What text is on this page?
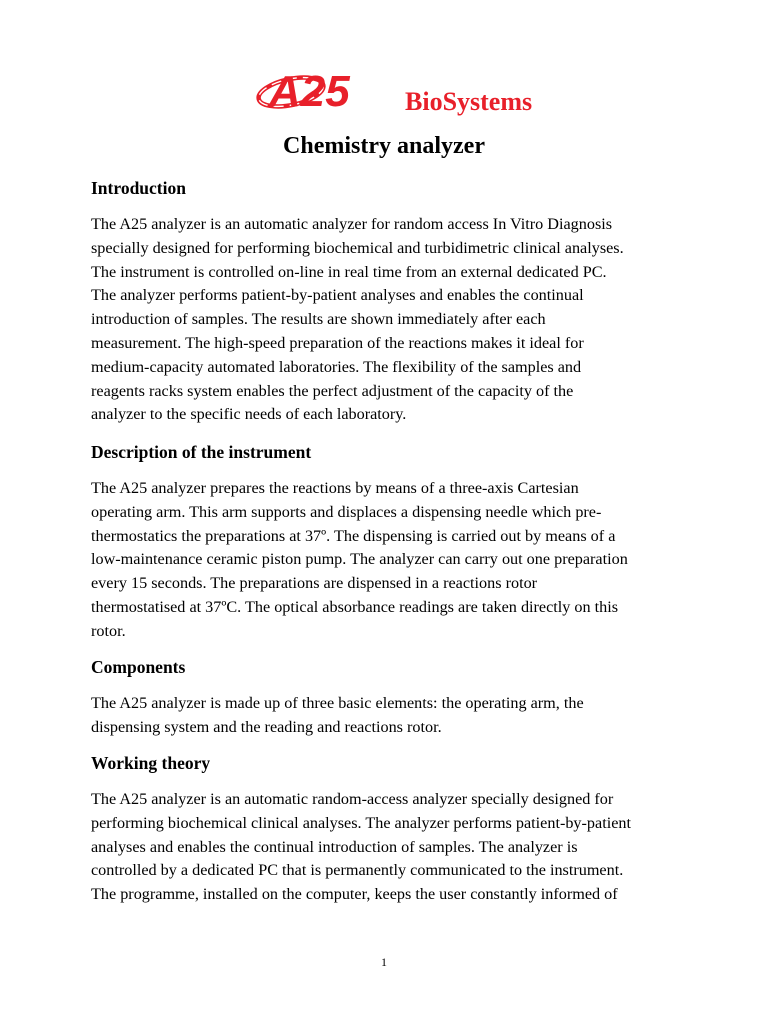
A25 BioSystems
Chemistry analyzer
Introduction

The A25 analyzer is an automatic analyzer for random access In Vitro Diagnosis
specially designed for performing biochemical and turbidimetric clinical analyses.
The instrument is controlled on-line in real time from an external dedicated PC.
The analyzer performs patient-by-patient analyses and enables the continual
introduction of samples. The results are shown immediately after each
measurement. The high-speed preparation of the reactions makes it ideal for
medium-capacity automated laboratories. The flexibility of the samples and
reagents racks system enables the perfect adjustment of the capacity of the
analyzer to the specific needs of each laboratory.

Description of the instrument

The A25 analyzer prepares the reactions by means of a three-axis Cartesian
operating arm. This arm supports and displaces a dispensing needle which pre-
thermostatics the preparations at 37º. The dispensing is carried out by means of a
low-maintenance ceramic piston pump. The analyzer can carry out one preparation
every 15 seconds. The preparations are dispensed in a reactions rotor
thermostatised at 37ºC. The optical absorbance readings are taken directly on this
rotor.

Components

The A25 analyzer is made up of three basic elements: the operating arm, the
dispensing system and the reading and reactions rotor.

Working theory

The A25 analyzer is an automatic random-access analyzer specially designed for
performing biochemical clinical analyses. The analyzer performs patient-by-patient
analyses and enables the continual introduction of samples. The analyzer is
controlled by a dedicated PC that is permanently communicated to the instrument.
The programme, installed on the computer, keeps the user constantly informed of

1
